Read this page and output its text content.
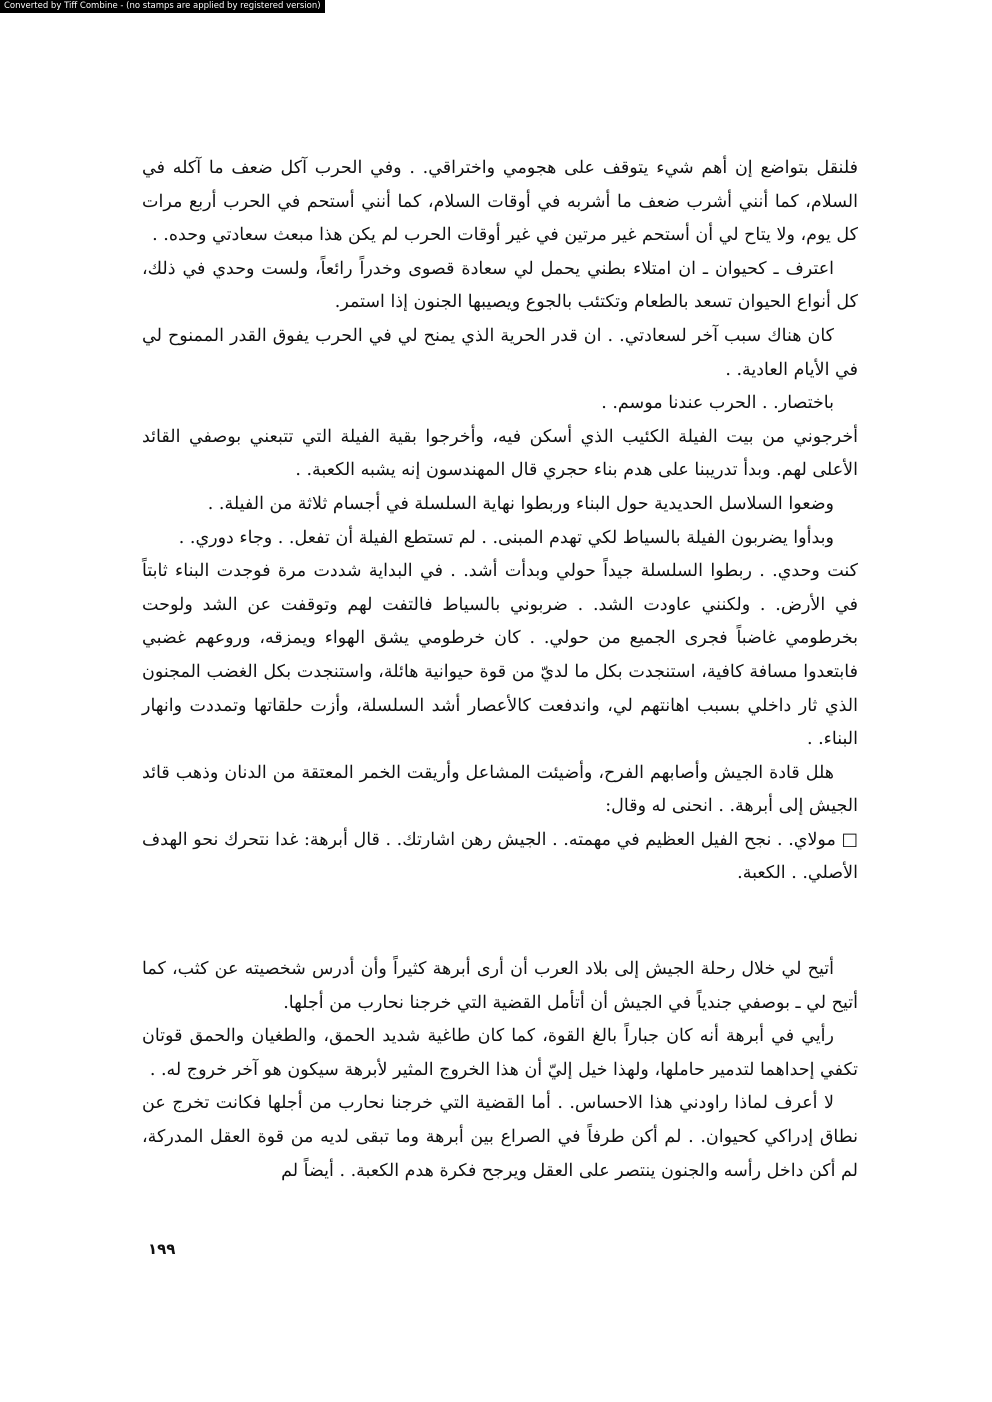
Converted by Tiff Combine - (no stamps are applied by registered version)

فلنقل بتواضع إن أهم شيء يتوقف على هجومي واختراقي. . وفي الحرب آكل ضعف ما آكله في السلام، كما أنني أشرب ضعف ما أشربه في أوقات السلام، كما أنني أستحم في الحرب أربع مرات كل يوم، ولا يتاح لي أن أستحم غير مرتين في غير أوقات الحرب لم يكن هذا مبعث سعادتي وحده. .

اعترف ـ كحيوان ـ ان امتلاء بطني يحمل لي سعادة قصوى وخدراً رائعاً، ولست وحدي في ذلك، كل أنواع الحيوان تسعد بالطعام وتكتئب بالجوع ويصيبها الجنون إذا استمر.

كان هناك سبب آخر لسعادتي. . ان قدر الحرية الذي يمنح لي في الحرب يفوق القدر الممنوح لي في الأيام العادية. .

باختصار. . الحرب عندنا موسم. .

أخرجوني من بيت الفيلة الكئيب الذي أسكن فيه، وأخرجوا بقية الفيلة التي تتبعني بوصفي القائد الأعلى لهم. وبدأ تدريبنا على هدم بناء حجري قال المهندسون إنه يشبه الكعبة. .

وضعوا السلاسل الحديدية حول البناء وربطوا نهاية السلسلة في أجسام ثلاثة من الفيلة. .

وبدأوا يضربون الفيلة بالسياط لكي تهدم المبنى. . لم تستطع الفيلة أن تفعل. . وجاء دوري. .

كنت وحدي. . ربطوا السلسلة جيداً حولي وبدأت أشد. . في البداية شددت مرة فوجدت البناء ثابتاً في الأرض. . ولكنني عاودت الشد. . ضربوني بالسياط فالتفت لهم وتوقفت عن الشد ولوحت بخرطومي غاضباً فجرى الجميع من حولي. . كان خرطومي يشق الهواء ويمزقه، وروعهم غضبي فابتعدوا مسافة كافية، استنجدت بكل ما لديّ من قوة حيوانية هائلة، واستنجدت بكل الغضب المجنون الذي ثار داخلي بسبب اهانتهم لي، واندفعت كالأعصار أشد السلسلة، وأزت حلقاتها وتمددت وانهار البناء. .

هلل قادة الجيش وأصابهم الفرح، وأضيئت المشاعل وأريقت الخمر المعتقة من الدنان وذهب قائد الجيش إلى أبرهة. . انحنى له وقال:

□ مولاي. . نجح الفيل العظيم في مهمته. . الجيش رهن اشارتك. . قال أبرهة: غدا نتحرك نحو الهدف الأصلي. . الكعبة.

أتيح لي خلال رحلة الجيش إلى بلاد العرب أن أرى أبرهة كثيراً وأن أدرس شخصيته عن كثب، كما أتيح لي ـ بوصفي جندياً في الجيش أن أتأمل القضية التي خرجنا نحارب من أجلها.

رأيي في أبرهة أنه كان جباراً بالغ القوة، كما كان طاغية شديد الحمق، والطغيان والحمق قوتان تكفي إحداهما لتدمير حاملها، ولهذا خيل إليّ أن هذا الخروج المثير لأبرهة سيكون هو آخر خروج له. .

لا أعرف لماذا راودني هذا الاحساس. . أما القضية التي خرجنا نحارب من أجلها فكانت تخرج عن نطاق إدراكي كحيوان. . لم أكن طرفاً في الصراع بين أبرهة وما تبقى لديه من قوة العقل المدركة، لم أكن داخل رأسه والجنون ينتصر على العقل ويرجح فكرة هدم الكعبة. . أيضاً لم

١٩٩
